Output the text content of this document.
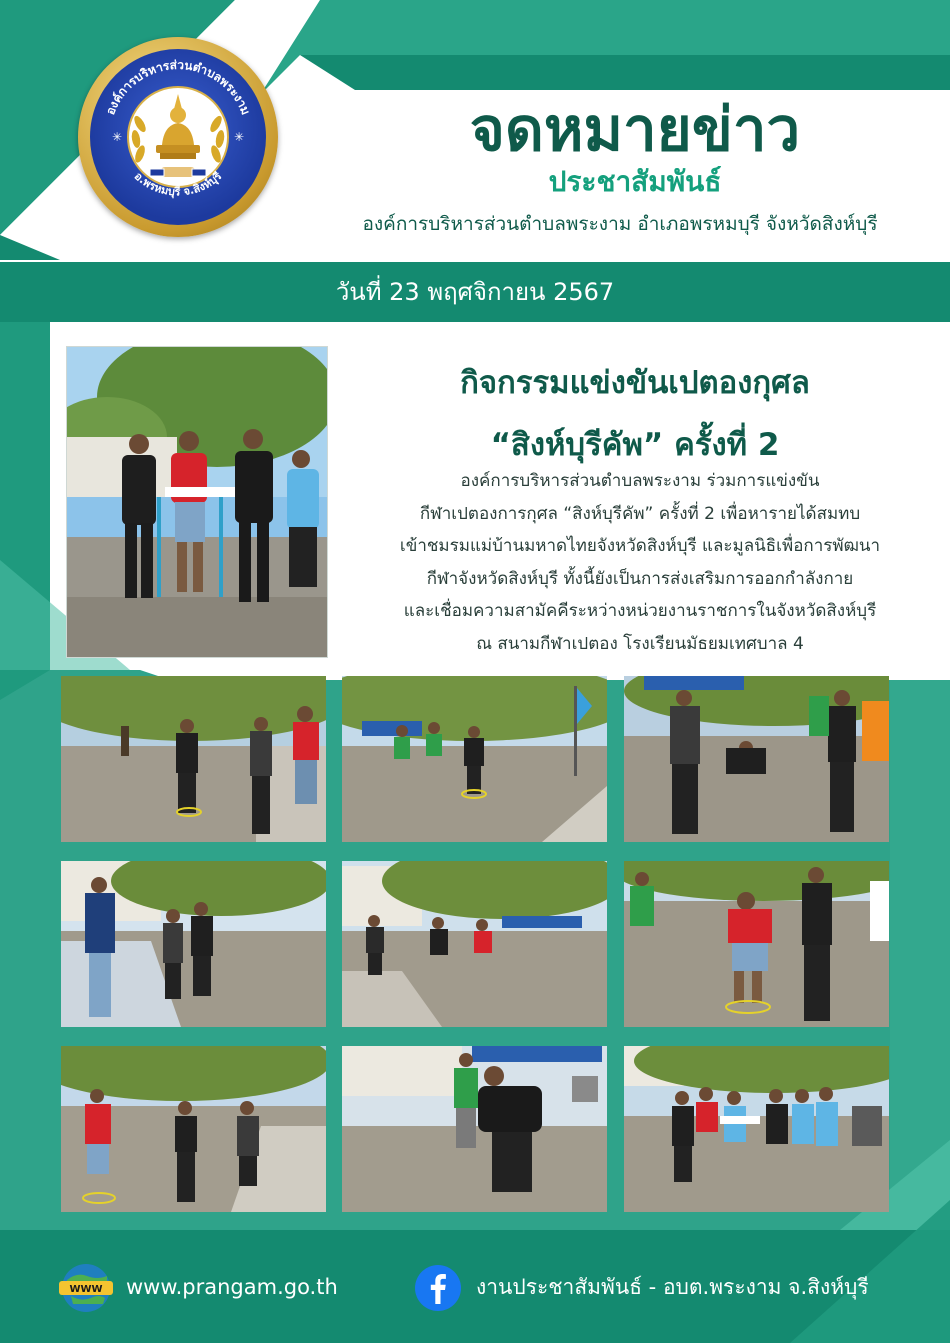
องค์การบริหารส่วนตำบลพระงาม
อ.พรหมบุรี จ.สิงห์บุรี
✳	✳	จดหมายข่าว
ประชาสัมพันธ์
องค์การบริหารส่วนตำบลพระงาม อำเภอพรหมบุรี จังหวัดสิงห์บุรี
วันที่ 23 พฤศจิกายน 2567
กิจกรรมแข่งขันเปตองกุศล
“สิงห์บุรีคัพ” ครั้งที่ 2
องค์การบริหารส่วนตำบลพระงาม ร่วมการแข่งขัน
กีฬาเปตองการกุศล “สิงห์บุรีคัพ” ครั้งที่ 2 เพื่อหารายได้สมทบ
เข้าชมรมแม่บ้านมหาดไทยจังหวัดสิงห์บุรี และมูลนิธิเพื่อการพัฒนา
กีฬาจังหวัดสิงห์บุรี ทั้งนี้ยังเป็นการส่งเสริมการออกกำลังกาย
และเชื่อมความสามัคคีระหว่างหน่วยงานราชการในจังหวัดสิงห์บุรี
ณ สนามกีฬาเปตอง โรงเรียนมัธยมเทศบาล 4
WWW www.prangam.go.th	งานประชาสัมพันธ์ - อบต.พระงาม จ.สิงห์บุรี
